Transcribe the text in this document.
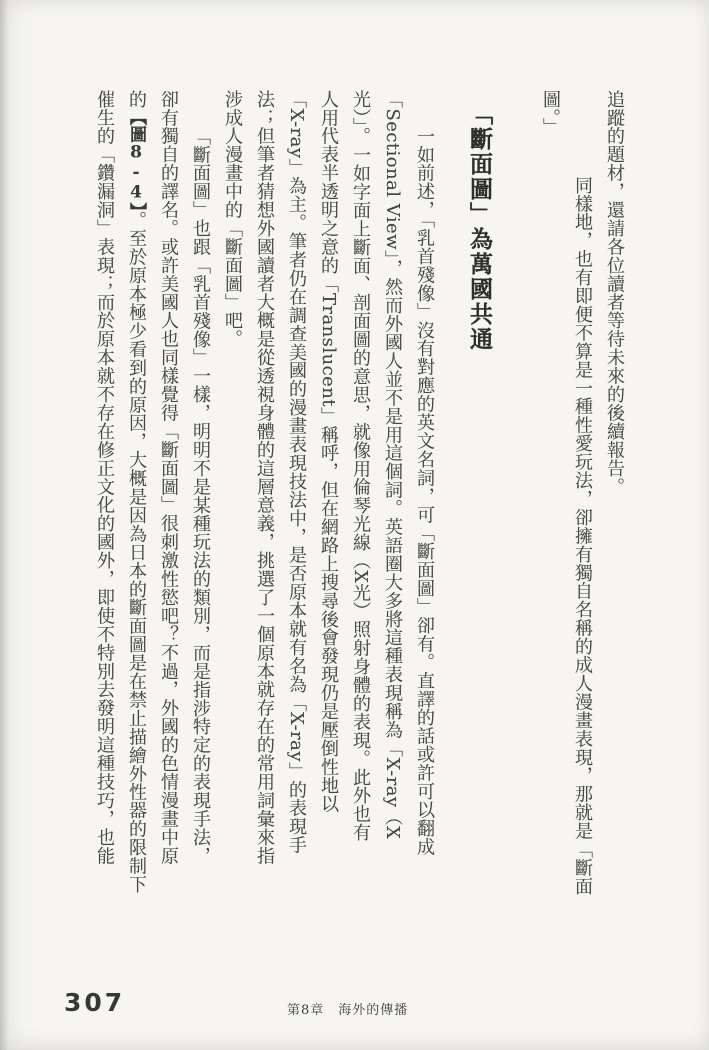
追蹤的題材，還請各位讀者等待未來的後續報告。
同樣地，也有即便不算是一種性愛玩法，卻擁有獨自名稱的成人漫畫表現，那就是「斷面
圖。」
「斷面圖」為萬國共通
一如前述，「乳首殘像」沒有對應的英文名詞，可「斷面圖」卻有。直譯的話或許可以翻成
「Sectional View」，然而外國人並不是用這個詞。英語圈大多將這種表現稱為「X-ray（X
光）」。一如字面上斷面、剖面圖的意思，就像用倫琴光線（X光）照射身體的表現。此外也有
人用代表半透明之意的「Translucent」稱呼，但在網路上搜尋後會發現仍是壓倒性地以
「X-ray」為主。筆者仍在調查美國的漫畫表現技法中，是否原本就有名為「X-ray」的表現手
法；但筆者猜想外國讀者大概是從透視身體的這層意義，挑選了一個原本就存在的常用詞彙來指
涉成人漫畫中的「斷面圖」吧。
「斷面圖」也跟「乳首殘像」一樣，明明不是某種玩法的類別，而是指涉特定的表現手法，
卻有獨自的譯名。或許美國人也同樣覺得「斷面圖」很刺激性慾吧？不過，外國的色情漫畫中原
的【圖8-4】。至於原本極少看到的原因，大概是因為日本的斷面圖是在禁止描繪外性器的限制下
催生的「鑽漏洞」表現；而於原本就不存在修正文化的國外，即使不特別去發明這種技巧，也能
307	第8章 海外的傳播
